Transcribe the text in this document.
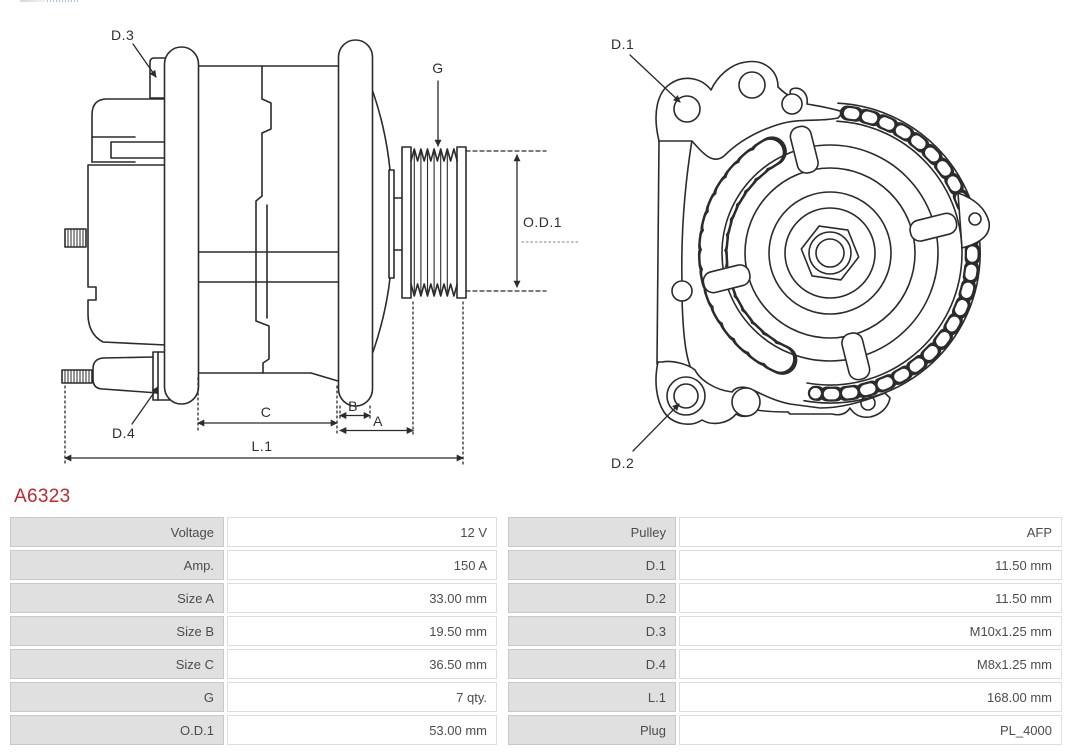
G
O.D.1
D.3
D.4
C	B
A
L.1
D.1
D.2
A6323
Voltage	12 V	Pulley	AFP
Amp.	150 A	D.1	11.50 mm
Size A	33.00 mm	D.2	11.50 mm
Size B	19.50 mm	D.3	M10x1.25 mm
Size C	36.50 mm	D.4	M8x1.25 mm
G	7 qty.	L.1	168.00 mm
O.D.1	53.00 mm	Plug	PL_4000
